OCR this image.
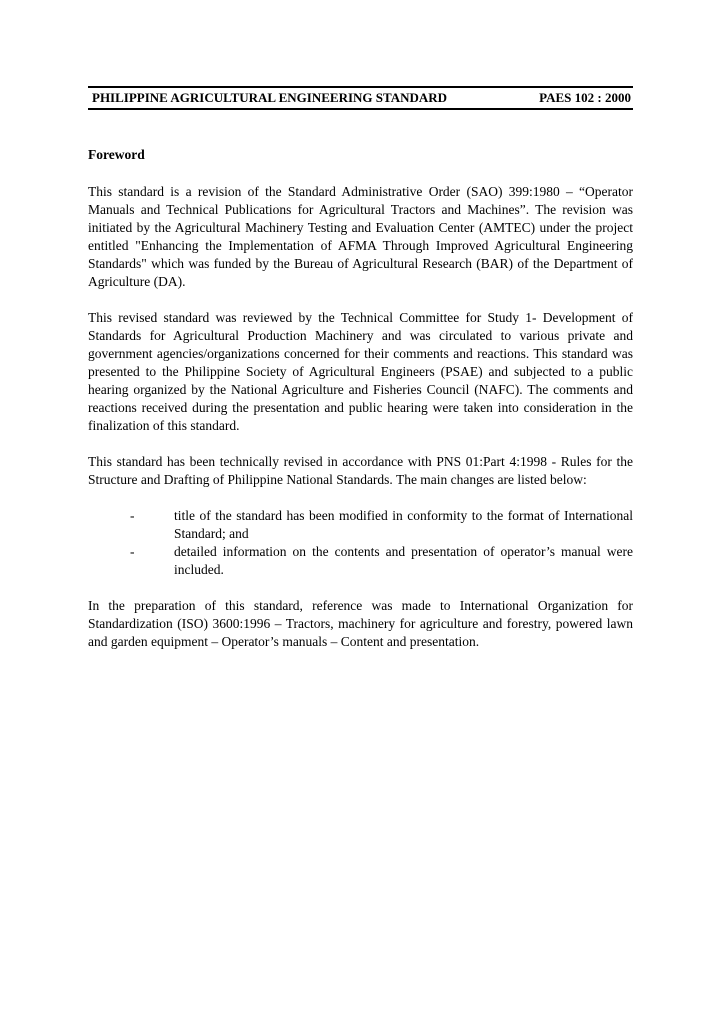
PHILIPPINE AGRICULTURAL ENGINEERING STANDARD	PAES 102 : 2000
Foreword

This standard is a revision of the Standard Administrative Order (SAO) 399:1980 – “Operator Manuals and Technical Publications for Agricultural Tractors and Machines”. The revision was initiated by the Agricultural Machinery Testing and Evaluation Center (AMTEC) under the project entitled "Enhancing the Implementation of AFMA Through Improved Agricultural Engineering Standards" which was funded by the Bureau of Agricultural Research (BAR) of the Department of Agriculture (DA).

This revised standard was reviewed by the Technical Committee for Study 1- Development of Standards for Agricultural Production Machinery and was circulated to various private and government agencies/organizations concerned for their comments and reactions. This standard was presented to the Philippine Society of Agricultural Engineers (PSAE) and subjected to a public hearing organized by the National Agriculture and Fisheries Council (NAFC). The comments and reactions received during the presentation and public hearing were taken into consideration in the finalization of this standard.

This standard has been technically revised in accordance with PNS 01:Part 4:1998 - Rules for the Structure and Drafting of Philippine National Standards. The main changes are listed below:

-	title of the standard has been modified in conformity to the format of International Standard; and
-	detailed information on the contents and presentation of operator’s manual were included.

In the preparation of this standard, reference was made to International Organization for Standardization (ISO) 3600:1996 – Tractors, machinery for agriculture and forestry, powered lawn and garden equipment – Operator’s manuals – Content and presentation.
